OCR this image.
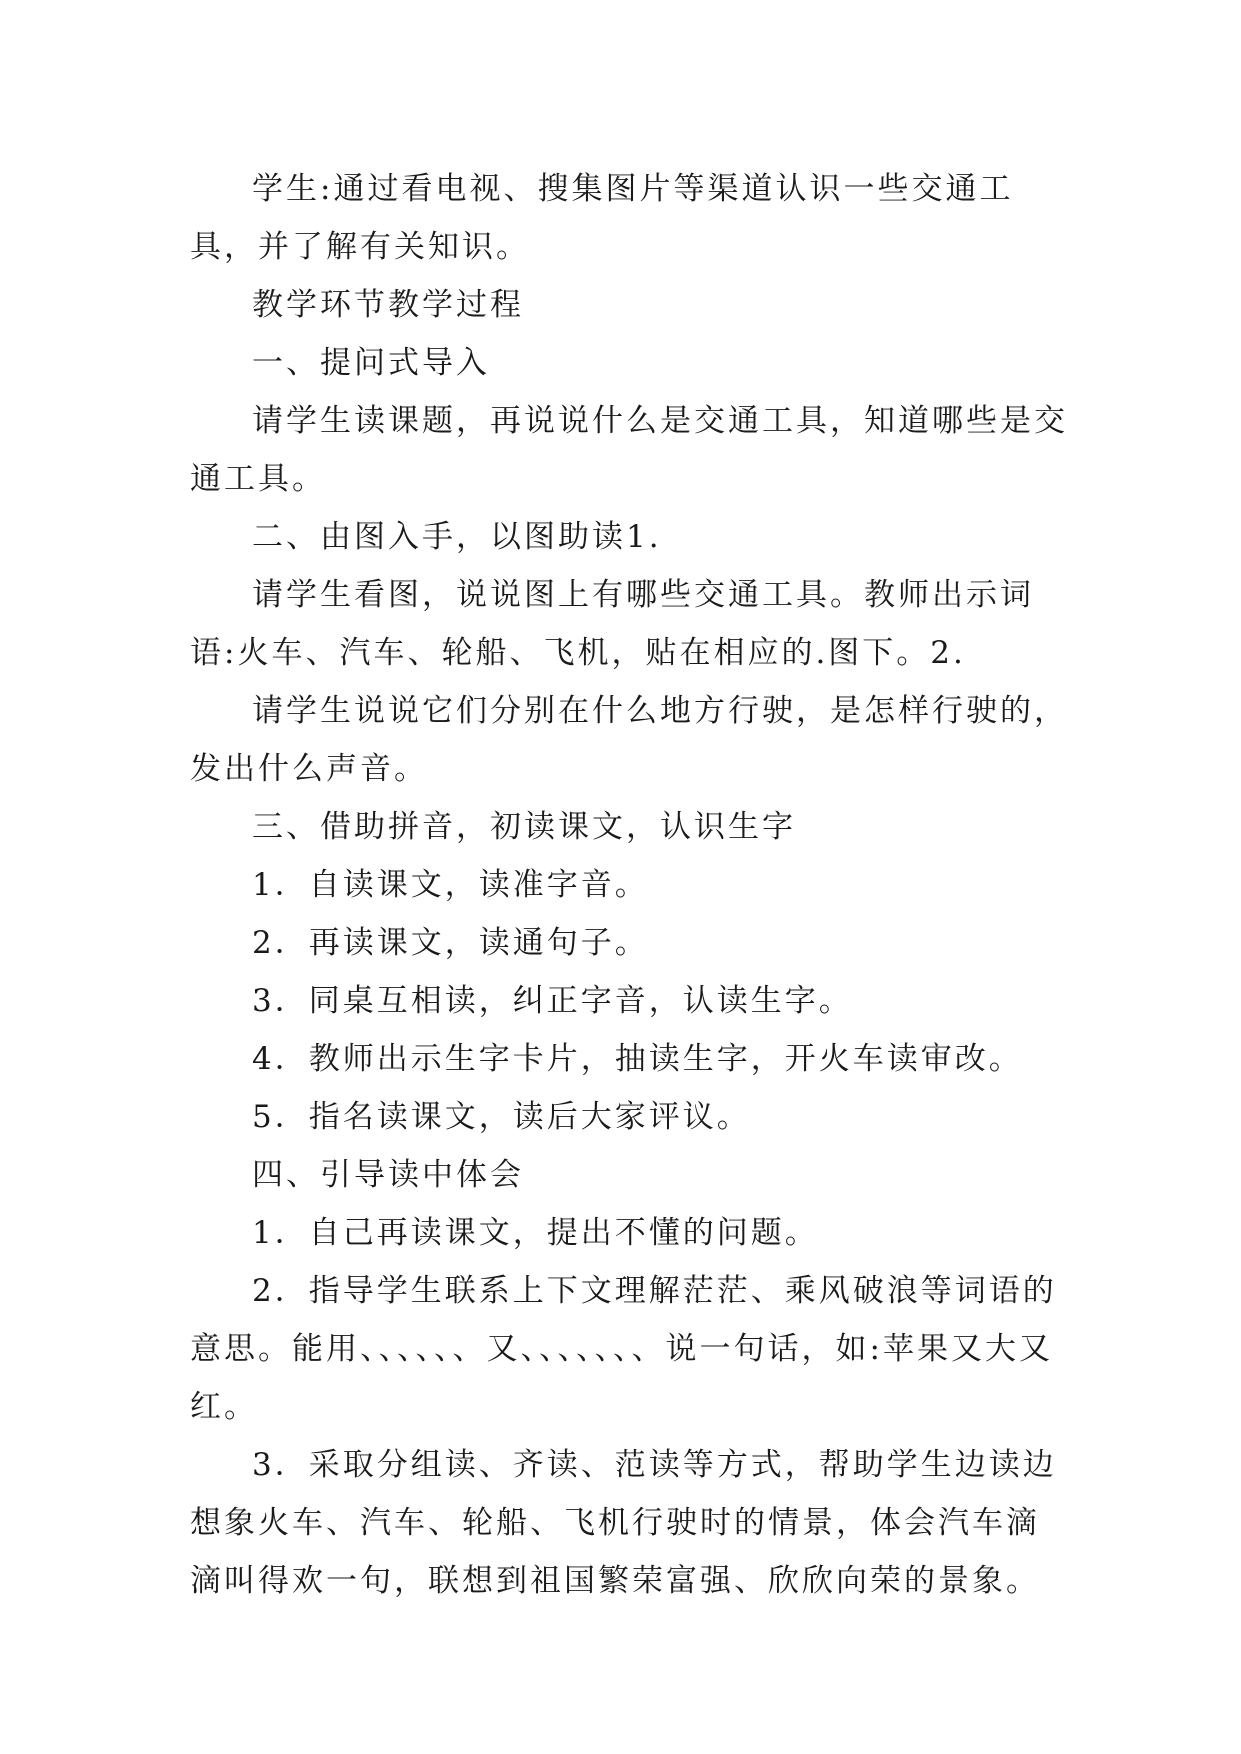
学生:通过看电视、搜集图片等渠道认识一些交通工具，并了解有关知识。

教学环节教学过程

一、提问式导入

请学生读课题，再说说什么是交通工具，知道哪些是交通工具。

二、由图入手，以图助读1.

请学生看图，说说图上有哪些交通工具。教师出示词语:火车、汽车、轮船、飞机，贴在相应的.图下。2.

请学生说说它们分别在什么地方行驶，是怎样行驶的，发出什么声音。

三、借助拼音，初读课文，认识生字

1．自读课文，读准字音。

2．再读课文，读通句子。

3．同桌互相读，纠正字音，认读生字。

4．教师出示生字卡片，抽读生字，开火车读审改。

5．指名读课文，读后大家评议。

四、引导读中体会

1．自己再读课文，提出不懂的问题。

2．指导学生联系上下文理解茫茫、乘风破浪等词语的意思。能用、、、、、、又、、、、、、、说一句话，如:苹果又大又红。

3．采取分组读、齐读、范读等方式，帮助学生边读边想象火车、汽车、轮船、飞机行驶时的情景，体会汽车滴滴叫得欢一句，联想到祖国繁荣富强、欣欣向荣的景象。
